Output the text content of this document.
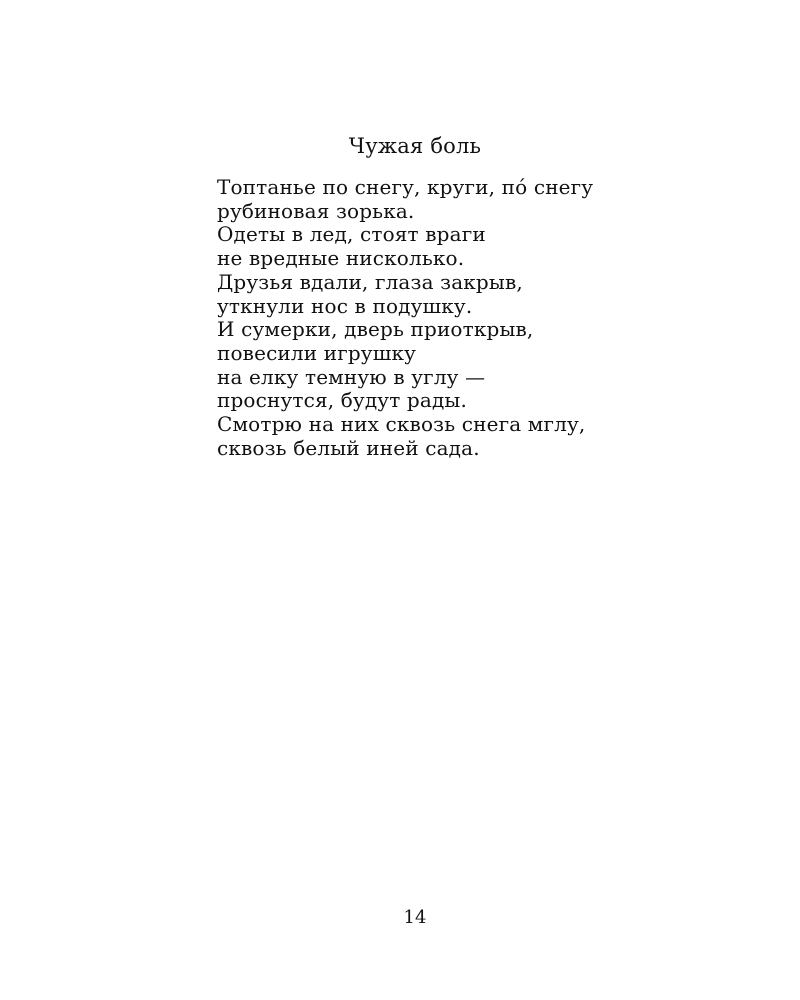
Чужая боль
Топтанье по снегу, круги, пó снегу
рубиновая зорька.
Одеты в лед, стоят враги
не вредные нисколько.
Друзья вдали, глаза закрыв,
уткнули нос в подушку.
И сумерки, дверь приоткрыв,
повесили игрушку
на елку темную в углу —
проснутся, будут рады.
Смотрю на них сквозь снега мглу,
сквозь белый иней сада.
14
